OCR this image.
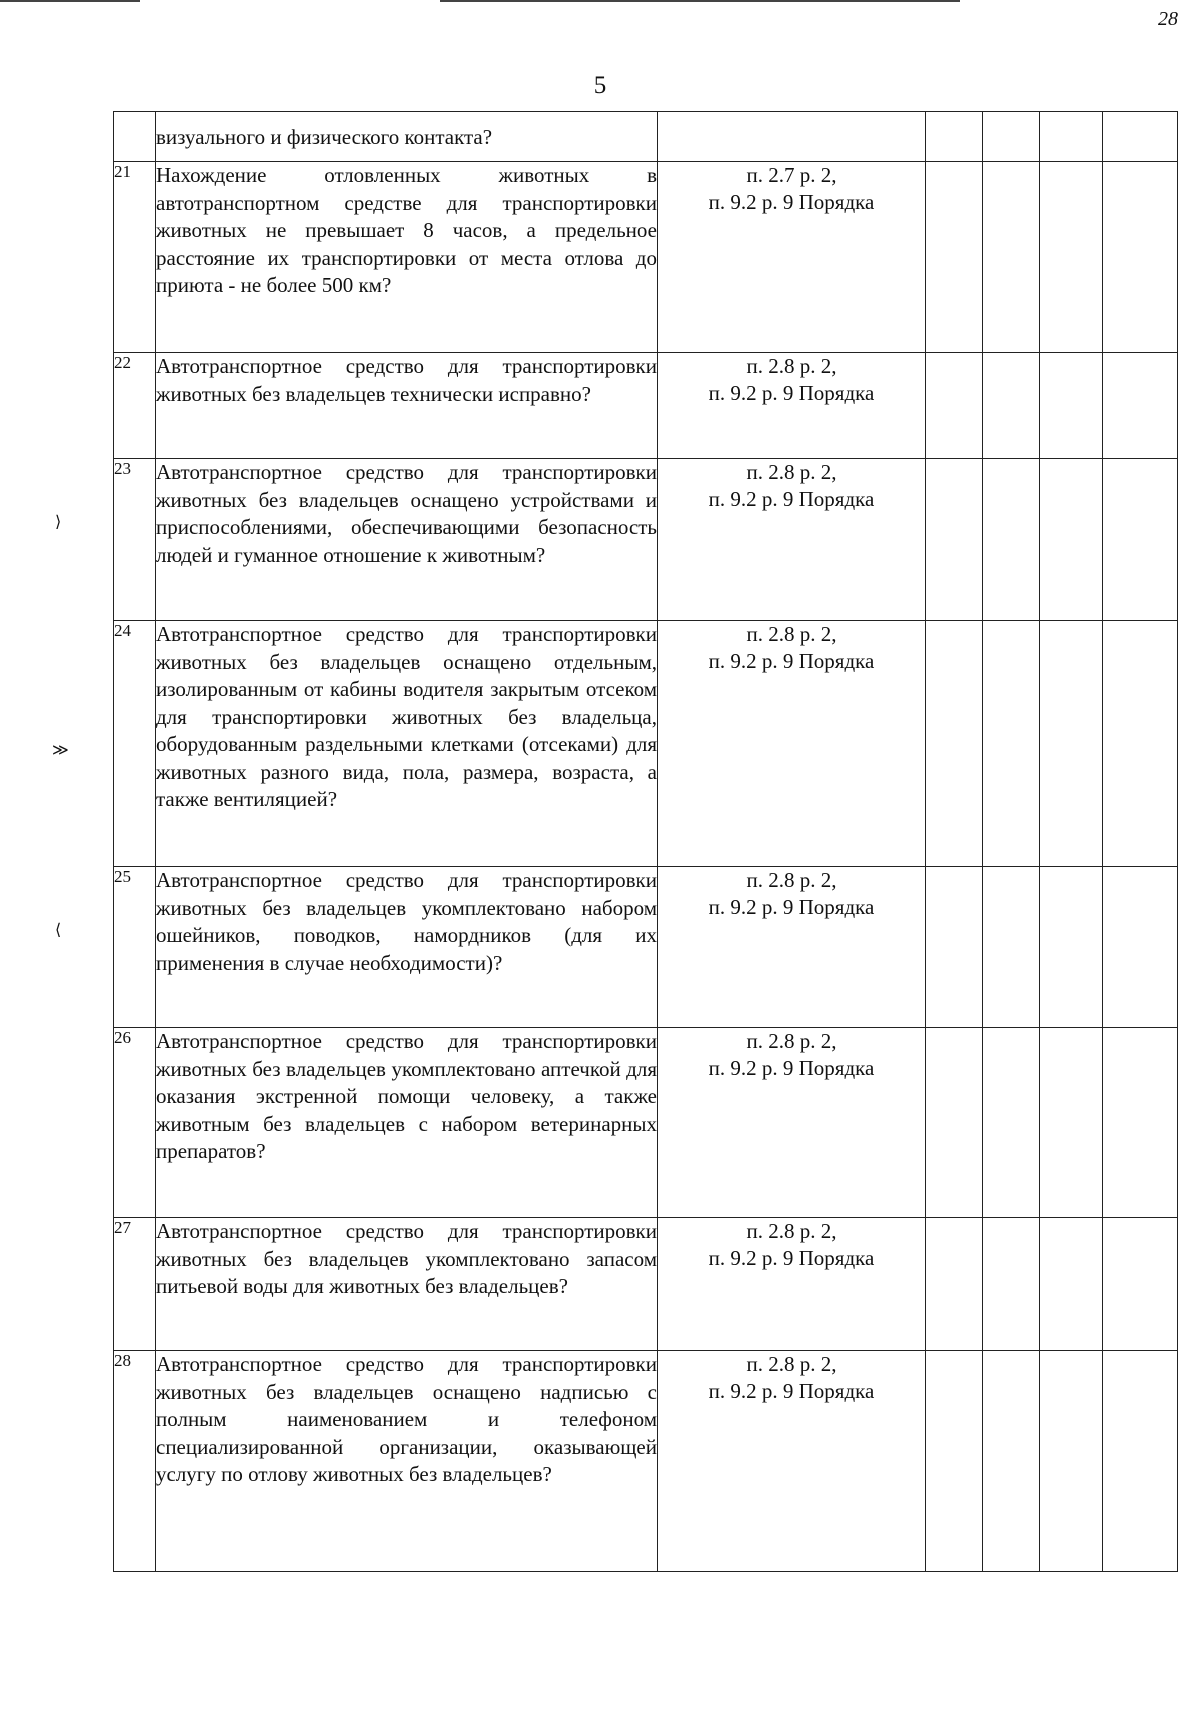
28
5
⟩
≫
⟨
	визуального и физического контакта?					
21	Нахождение отловленных животных в автотранспортном средстве для транспортировки животных не превышает 8 часов, а предельное расстояние их транспортировки от места отлова до приюта - не более 500 км?	п. 2.7 р. 2,
п. 9.2 р. 9 Порядка				

22	Автотранспортное средство для транспортировки животных без владельцев технически исправно?	п. 2.8 р. 2,
п. 9.2 р. 9 Порядка				

23	Автотранспортное средство для транспортировки животных без владельцев оснащено устройствами и приспособлениями, обеспечивающими безопасность людей и гуманное отношение к животным?	п. 2.8 р. 2,
п. 9.2 р. 9 Порядка				

24	Автотранспортное средство для транспортировки животных без владельцев оснащено отдельным, изолированным от кабины водителя закрытым отсеком для транспортировки животных без владельца, оборудованным раздельными клетками (отсеками) для животных разного вида, пола, размера, возраста, а также вентиляцией?	п. 2.8 р. 2,
п. 9.2 р. 9 Порядка				

25	Автотранспортное средство для транспортировки животных без владельцев укомплектовано набором ошейников, поводков, намордников (для их применения в случае необходимости)?	п. 2.8 р. 2,
п. 9.2 р. 9 Порядка				

26	Автотранспортное средство для транспортировки животных без владельцев укомплектовано аптечкой для оказания экстренной помощи человеку, а также животным без владельцев с набором ветеринарных препаратов?	п. 2.8 р. 2,
п. 9.2 р. 9 Порядка				

27	Автотранспортное средство для транспортировки животных без владельцев укомплектовано запасом питьевой воды для животных без владельцев?	п. 2.8 р. 2,
п. 9.2 р. 9 Порядка				

28	Автотранспортное средство для транспортировки животных без владельцев оснащено надписью с полным наименованием и телефоном специализированной организации, оказывающей услугу по отлову животных без владельцев?	п. 2.8 р. 2,
п. 9.2 р. 9 Порядка				
